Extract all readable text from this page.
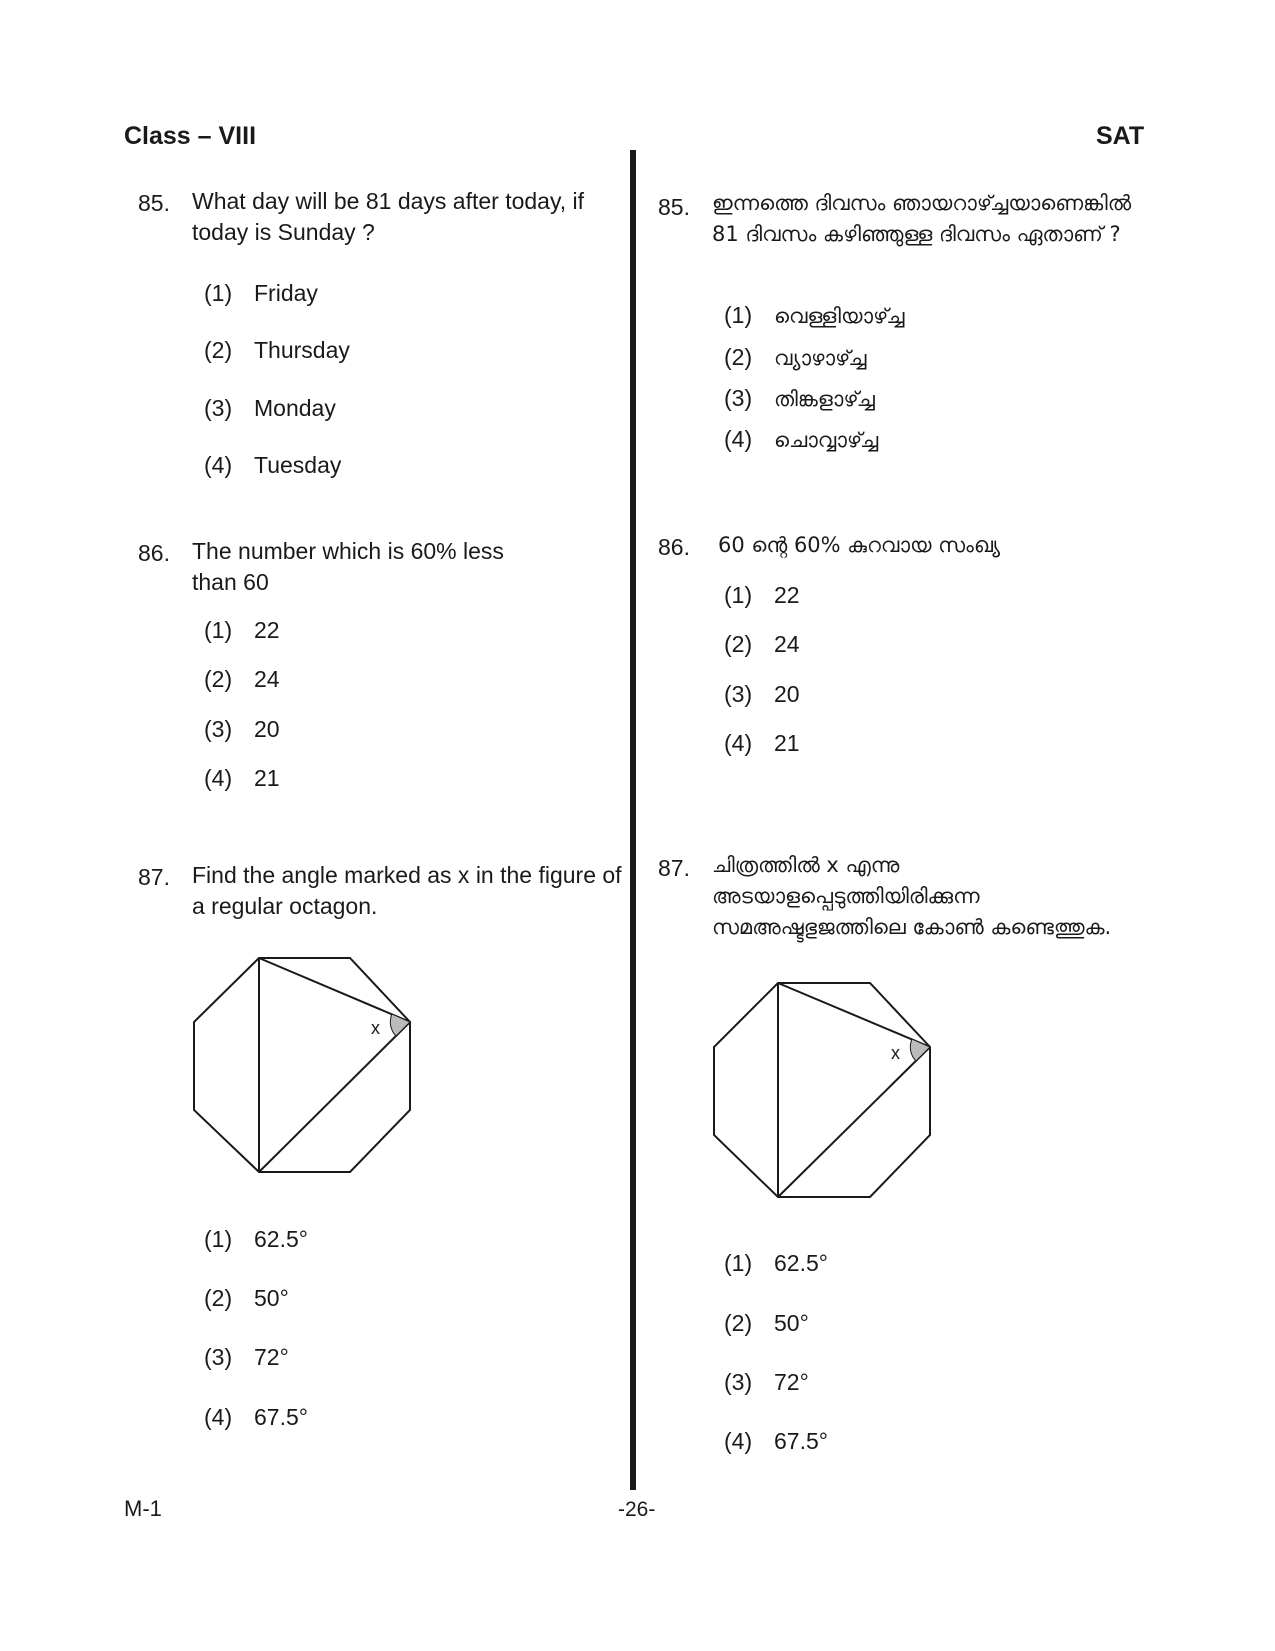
Class – VIII	SAT
M-1	-26-
85. What day will be 81 days after today, if today is Sunday ?
(1) Friday
(2) Thursday
(3) Monday
(4) Tuesday
86. The number which is 60% less than 60
(1) 22
(2) 24
(3) 20
(4) 21
87. Find the angle marked as x in the figure of a regular octagon.
x
(1) 62.5°
(2) 50°
(3) 72°
(4) 67.5°
85. ഇന്നത്തെ ദിവസം ഞായറാഴ്ച്ചയാണെങ്കിൽ 81 ദിവസം കഴിഞ്ഞുള്ള ദിവസം ഏതാണ് ?
(1) വെള്ളിയാഴ്ച്ച
(2) വ്യാഴാഴ്ച്ച
(3) തിങ്കളാഴ്ച്ച
(4) ചൊവ്വാഴ്ച്ച
86. 60 ന്റെ 60% കുറവായ സംഖ്യ
(1) 22
(2) 24
(3) 20
(4) 21
87. ചിത്രത്തിൽ x എന്നു അടയാളപ്പെടുത്തിയിരിക്കുന്ന സമഅഷ്ടഭുജത്തിലെ കോൺ കണ്ടെത്തുക.
x
(1) 62.5°
(2) 50°
(3) 72°
(4) 67.5°
